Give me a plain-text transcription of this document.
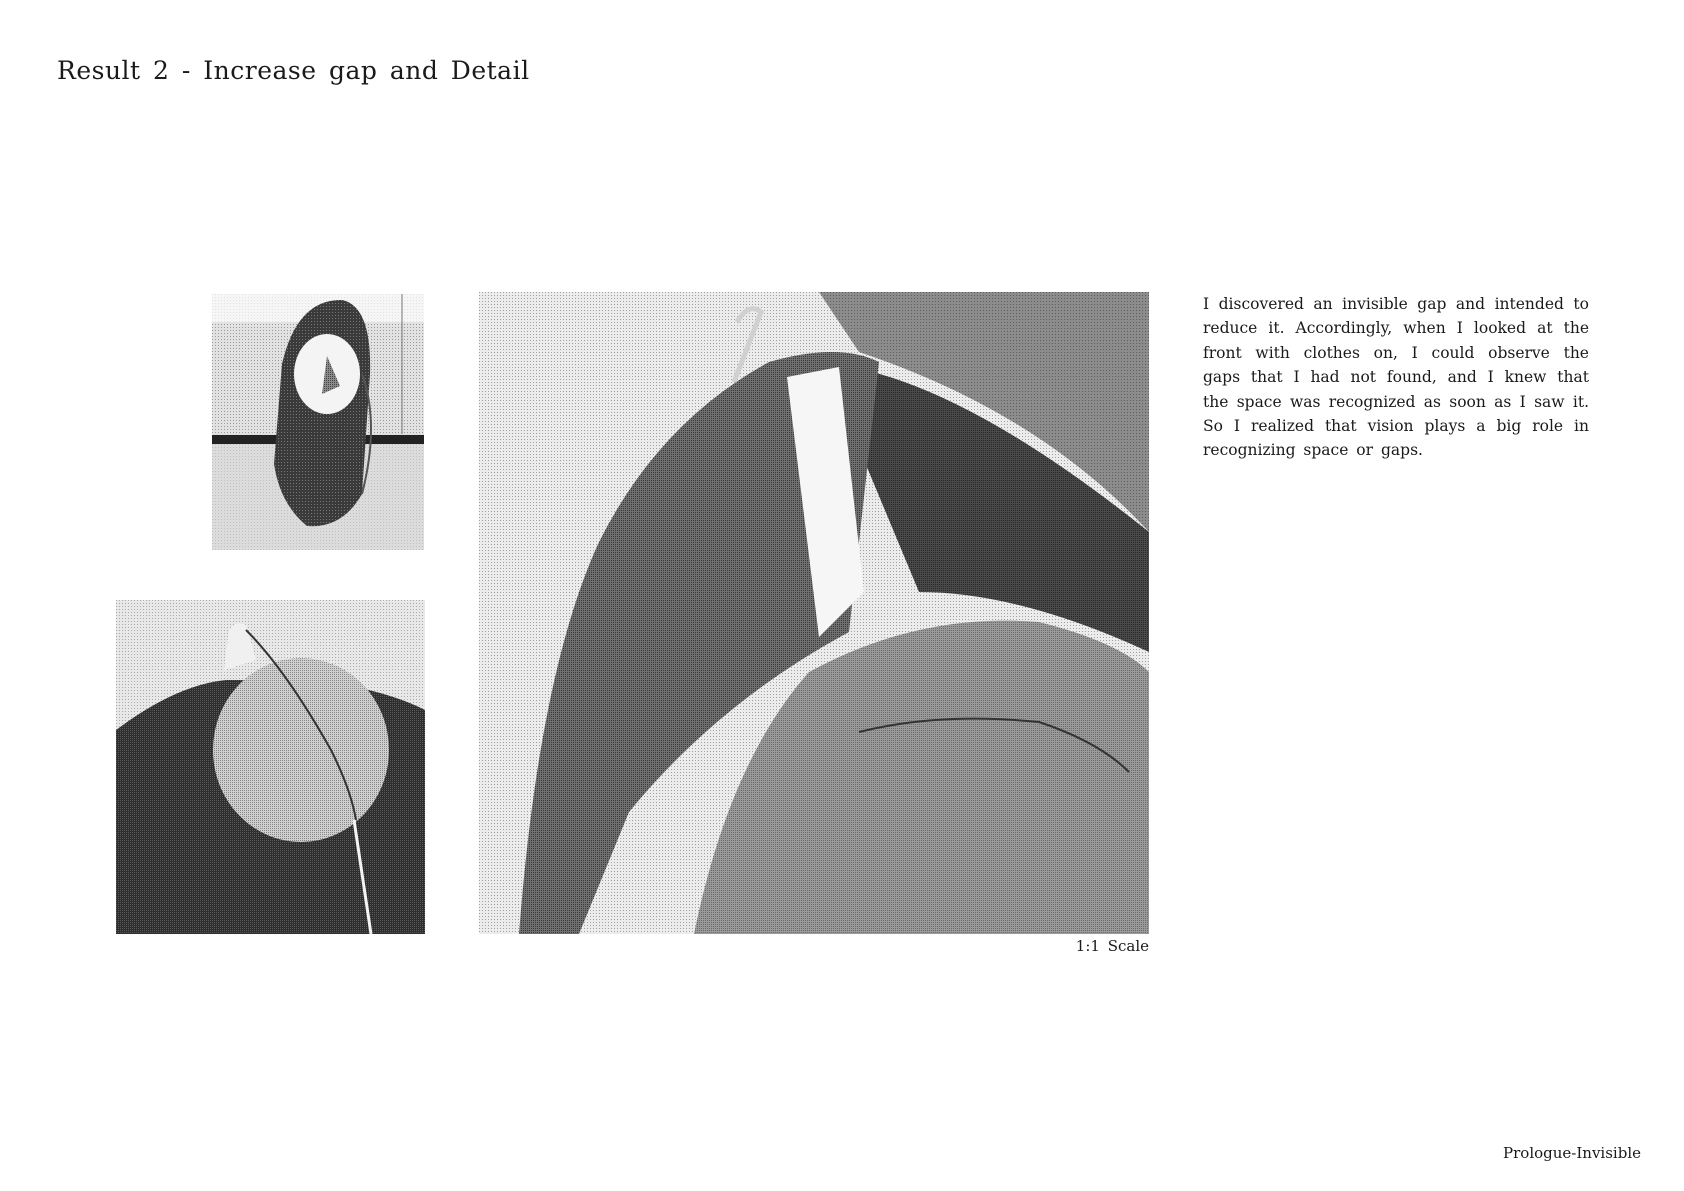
Result 2 - Increase gap and Detail
1:1 Scale

I discovered an invisible gap and intended to reduce it. Accordingly, when I looked at the front with clothes on, I could observe the gaps that I had not found, and I knew that the space was recognized as soon as I saw it. So I realized that vision plays a big role in recognizing space or gaps.

Prologue-Invisible
